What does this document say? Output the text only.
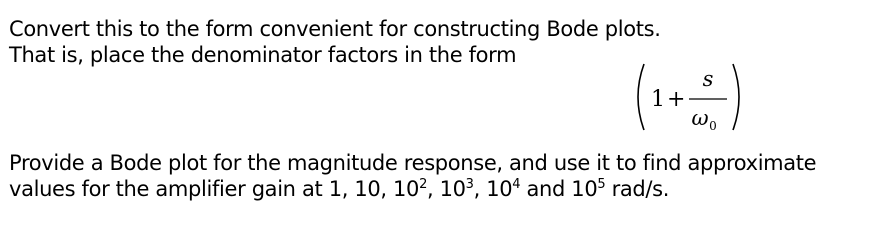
Convert this to the form convenient for constructing Bode plots.
That is, place the denominator factors in the form

1 +
s
ω 0

Provide a Bode plot for the magnitude response, and use it to find approximate
values for the amplifier gain at 1, 10, $10^2$, $10^3$, $10^4$ and $10^5$ rad/s.
